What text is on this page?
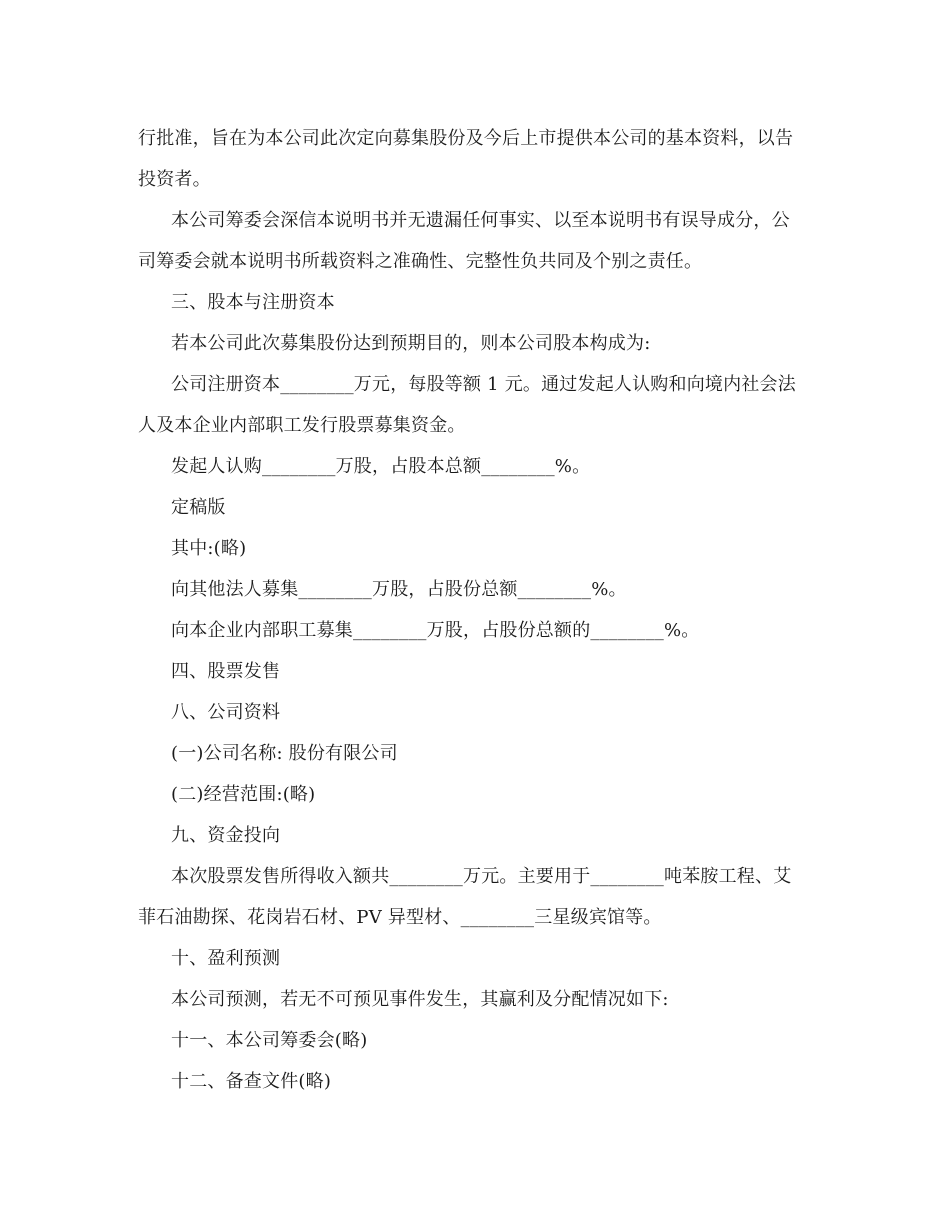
行批准，旨在为本公司此次定向募集股份及今后上市提供本公司的基本资料，以告
投资者。
本公司筹委会深信本说明书并无遗漏任何事实、以至本说明书有误导成分，公
司筹委会就本说明书所载资料之准确性、完整性负共同及个别之责任。
三、股本与注册资本
若本公司此次募集股份达到预期目的，则本公司股本构成为:
公司注册资本________万元，每股等额 1 元。通过发起人认购和向境内社会法
人及本企业内部职工发行股票募集资金。
发起人认购________万股，占股本总额________%。
定稿版
其中:(略)
向其他法人募集________万股，占股份总额________%。
向本企业内部职工募集________万股，占股份总额的________%。
四、股票发售
八、公司资料
(一)公司名称: 股份有限公司
(二)经营范围:(略)
九、资金投向
本次股票发售所得收入额共________万元。主要用于________吨苯胺工程、艾
菲石油勘探、花岗岩石材、PV 异型材、________三星级宾馆等。
十、盈利预测
本公司预测，若无不可预见事件发生，其赢利及分配情况如下:
十一、本公司筹委会(略)
十二、备查文件(略)
